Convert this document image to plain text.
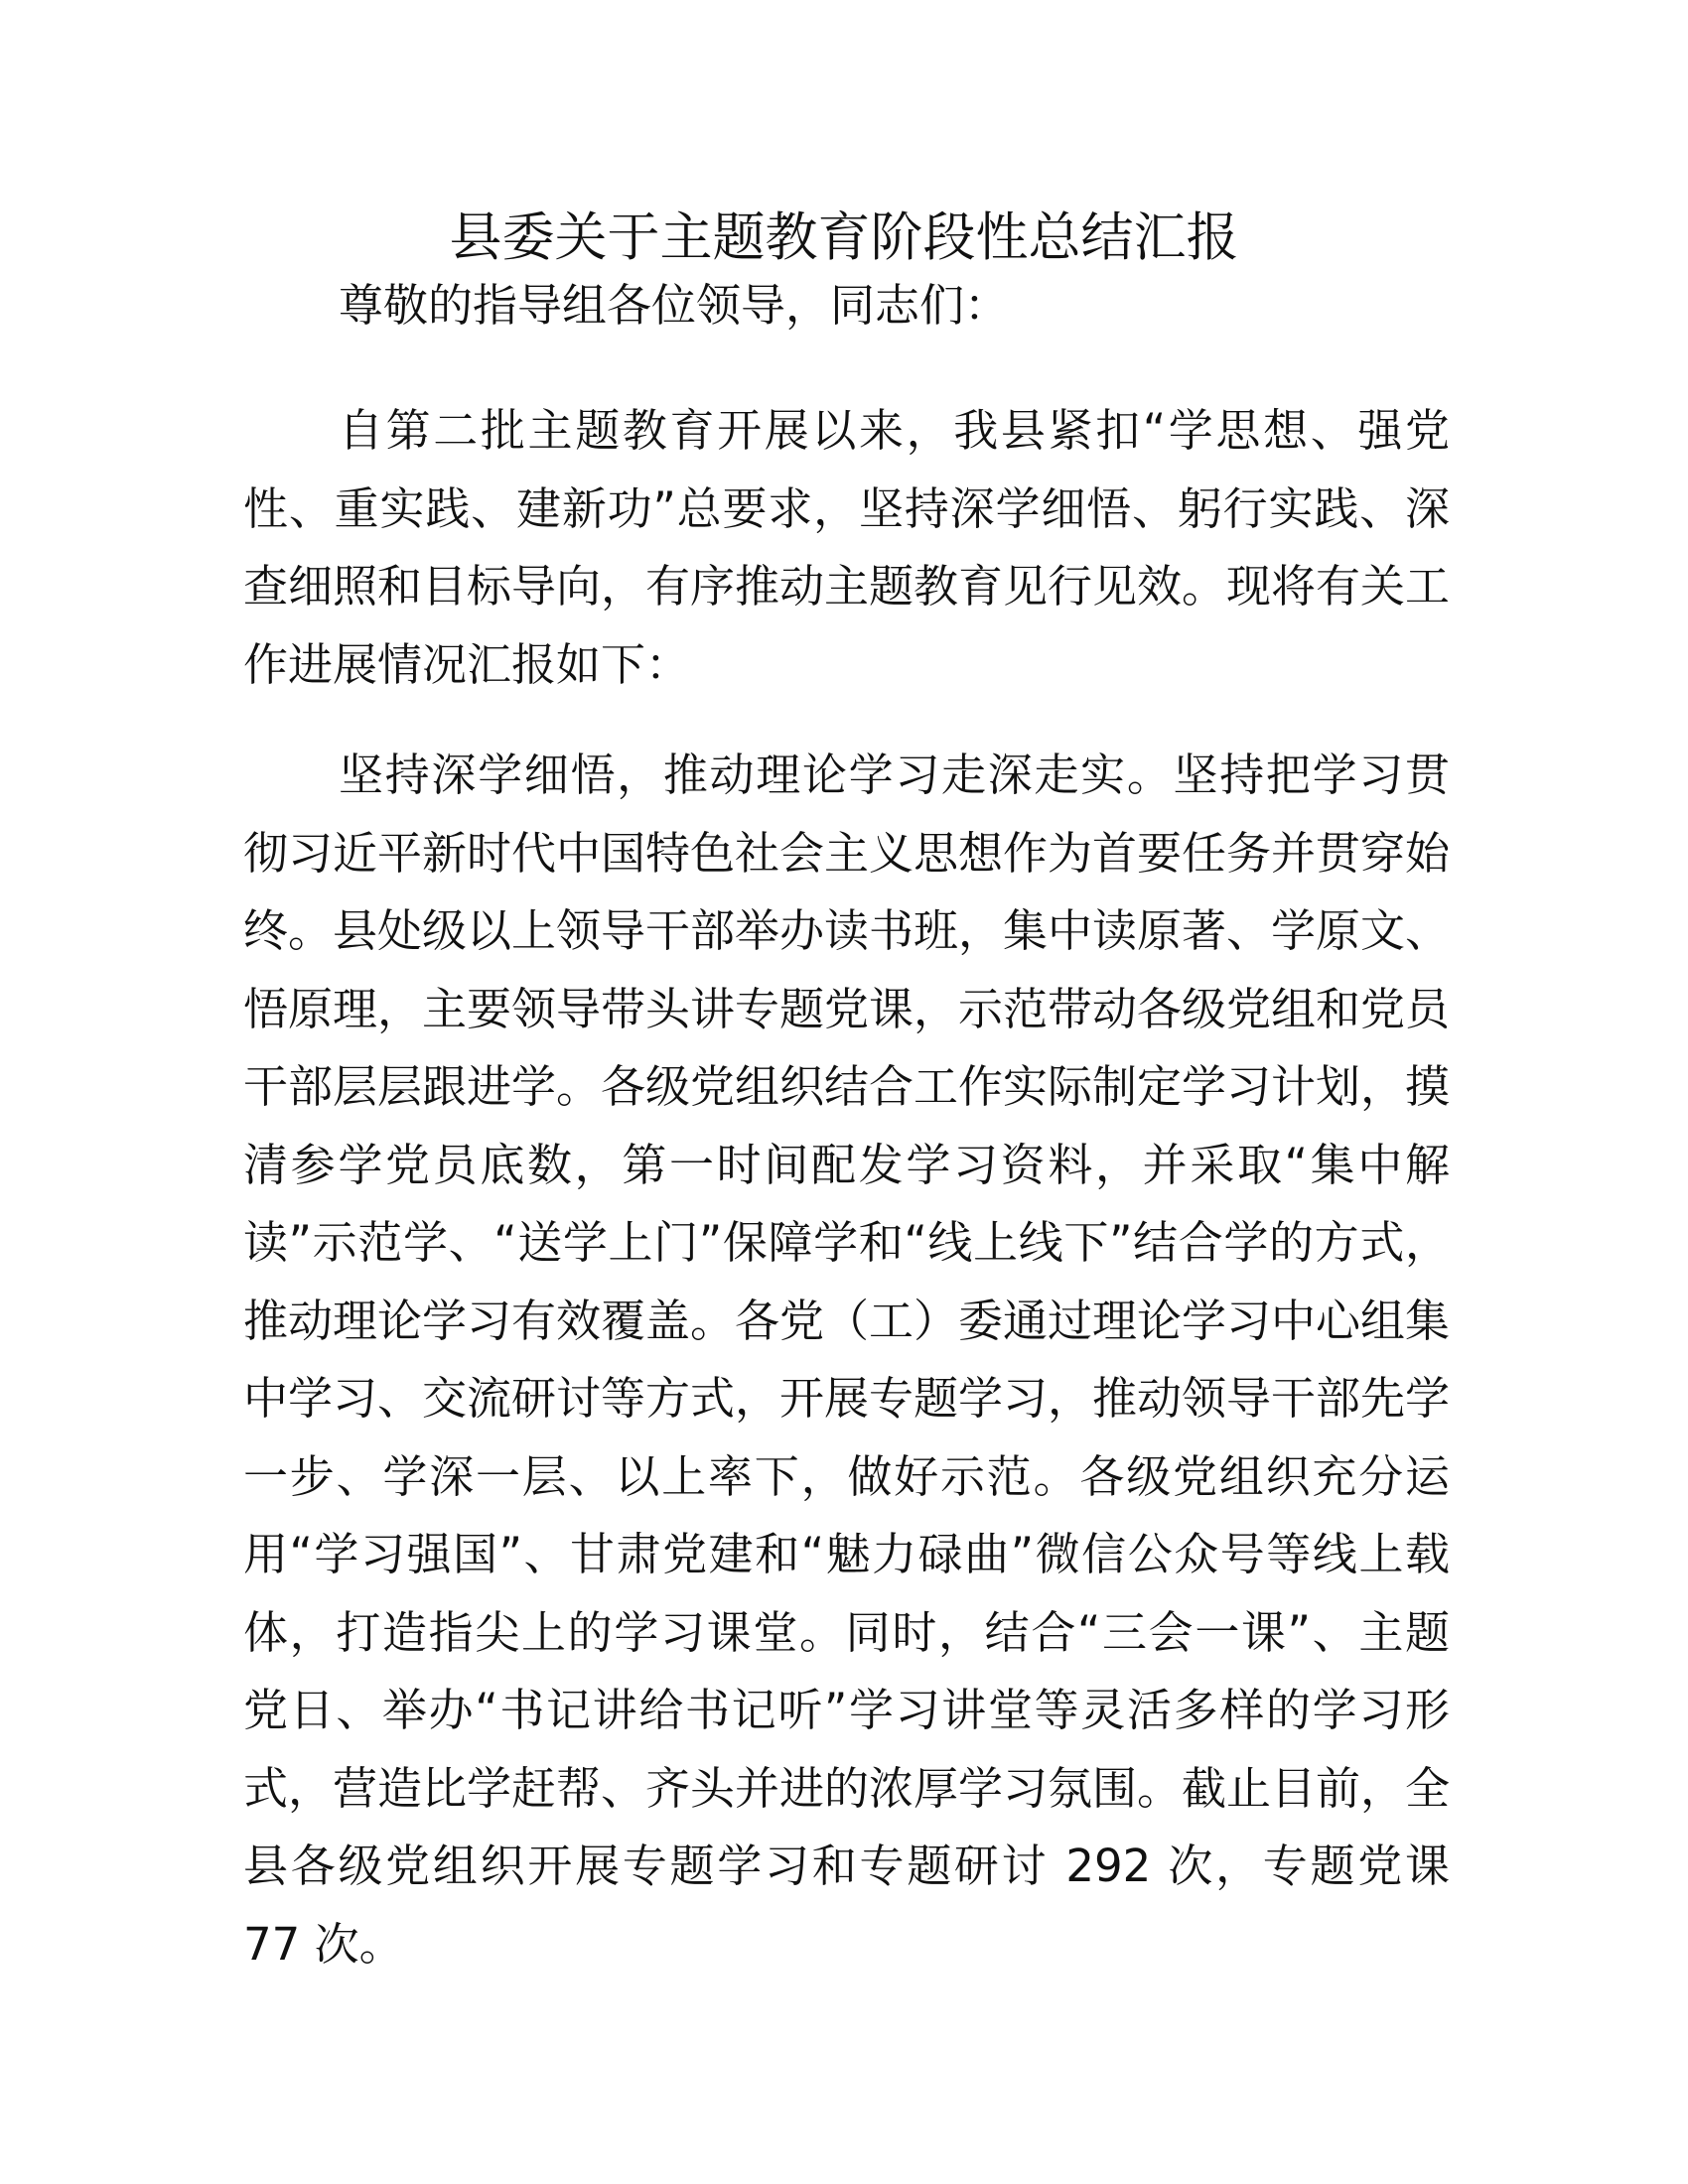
县委关于主题教育阶段性总结汇报

尊敬的指导组各位领导，同志们：

自第二批主题教育开展以来，我县紧扣“学思想、强党性、重实践、建新功”总要求，坚持深学细悟、躬行实践、深查细照和目标导向，有序推动主题教育见行见效。现将有关工作进展情况汇报如下：

坚持深学细悟，推动理论学习走深走实。坚持把学习贯彻习近平新时代中国特色社会主义思想作为首要任务并贯穿始终。县处级以上领导干部举办读书班，集中读原著、学原文、悟原理，主要领导带头讲专题党课，示范带动各级党组和党员干部层层跟进学。各级党组织结合工作实际制定学习计划，摸清参学党员底数，第一时间配发学习资料，并采取“集中解读”示范学、“送学上门”保障学和“线上线下”结合学的方式，推动理论学习有效覆盖。各党（工）委通过理论学习中心组集中学习、交流研讨等方式，开展专题学习，推动领导干部先学一步、学深一层、以上率下，做好示范。各级党组织充分运用“学习强国”、甘肃党建和“魅力碌曲”微信公众号等线上载体，打造指尖上的学习课堂。同时，结合“三会一课”、主题党日、举办“书记讲给书记听”学习讲堂等灵活多样的学习形式，营造比学赶帮、齐头并进的浓厚学习氛围。截止目前，全县各级党组织开展专题学习和专题研讨 292 次，专题党课 77 次。
